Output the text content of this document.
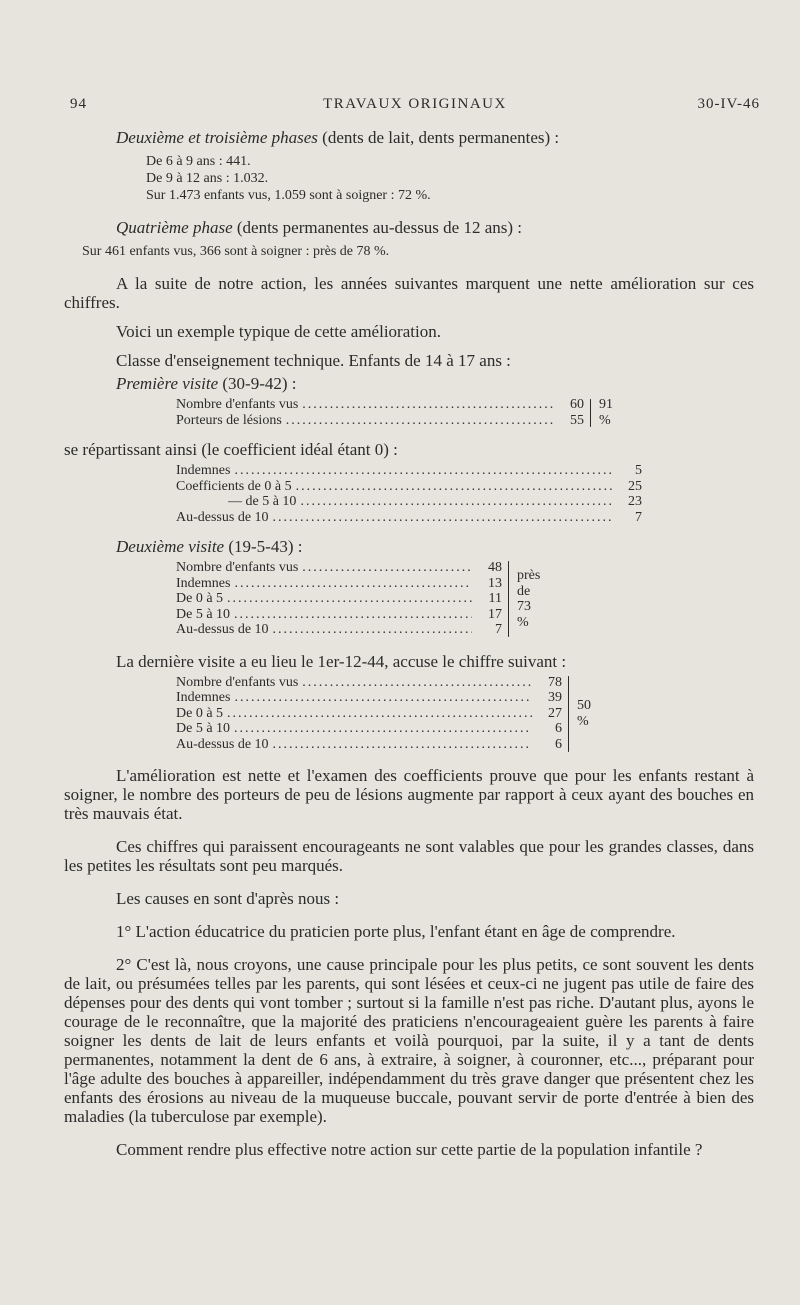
94	TRAVAUX ORIGINAUX	30-IV-46
Deuxième et troisième phases (dents de lait, dents permanentes) :
De 6 à 9 ans : 441.
De 9 à 12 ans : 1.032.
Sur 1.473 enfants vus, 1.059 sont à soigner : 72 %.
Quatrième phase (dents permanentes au-dessus de 12 ans) :
Sur 461 enfants vus, 366 sont à soigner : près de 78 %.

A la suite de notre action, les années suivantes marquent une nette amélioration sur ces chiffres.

Voici un exemple typique de cette amélioration.

Classe d'enseignement technique. Enfants de 14 à 17 ans :

Première visite (30-9-42) :
Nombre d'enfants vus .....	60
Porteurs de lésions .....	55
91 %

se répartissant ainsi (le coefficient idéal étant 0) :

Indemnes .....	5
Coefficients de 0 à 5 .....	25
— de 5 à 10 .....	23
Au-dessus de 10 .....	7
Deuxième visite (19-5-43) :
Nombre d'enfants vus .....	48
Indemnes .....	13
De 0 à 5 .....	11
De 5 à 10 .....	17
Au-dessus de 10 .....	7
près de 73 %

La dernière visite a eu lieu le 1er-12-44, accuse le chiffre suivant :

Nombre d'enfants vus .....	78
Indemnes .....	39
De 0 à 5 .....	27
De 5 à 10 .....	6
Au-dessus de 10 .....	6
50 %

L'amélioration est nette et l'examen des coefficients prouve que pour les enfants restant à soigner, le nombre des porteurs de peu de lésions augmente par rapport à ceux ayant des bouches en très mauvais état.

Ces chiffres qui paraissent encourageants ne sont valables que pour les grandes classes, dans les petites les résultats sont peu marqués.

Les causes en sont d'après nous :

1° L'action éducatrice du praticien porte plus, l'enfant étant en âge de comprendre.

2° C'est là, nous croyons, une cause principale pour les plus petits, ce sont souvent les dents de lait, ou présumées telles par les parents, qui sont lésées et ceux-ci ne jugent pas utile de faire des dépenses pour des dents qui vont tomber ; surtout si la famille n'est pas riche. D'autant plus, ayons le courage de le reconnaître, que la majorité des praticiens n'encourageaient guère les parents à faire soigner les dents de lait de leurs enfants et voilà pourquoi, par la suite, il y a tant de dents permanentes, notamment la dent de 6 ans, à extraire, à soigner, à couronner, etc..., préparant pour l'âge adulte des bouches à appareiller, indépendamment du très grave danger que présentent chez les enfants des érosions au niveau de la muqueuse buccale, pouvant servir de porte d'entrée à bien des maladies (la tuberculose par exemple).

Comment rendre plus effective notre action sur cette partie de la population infantile ?
